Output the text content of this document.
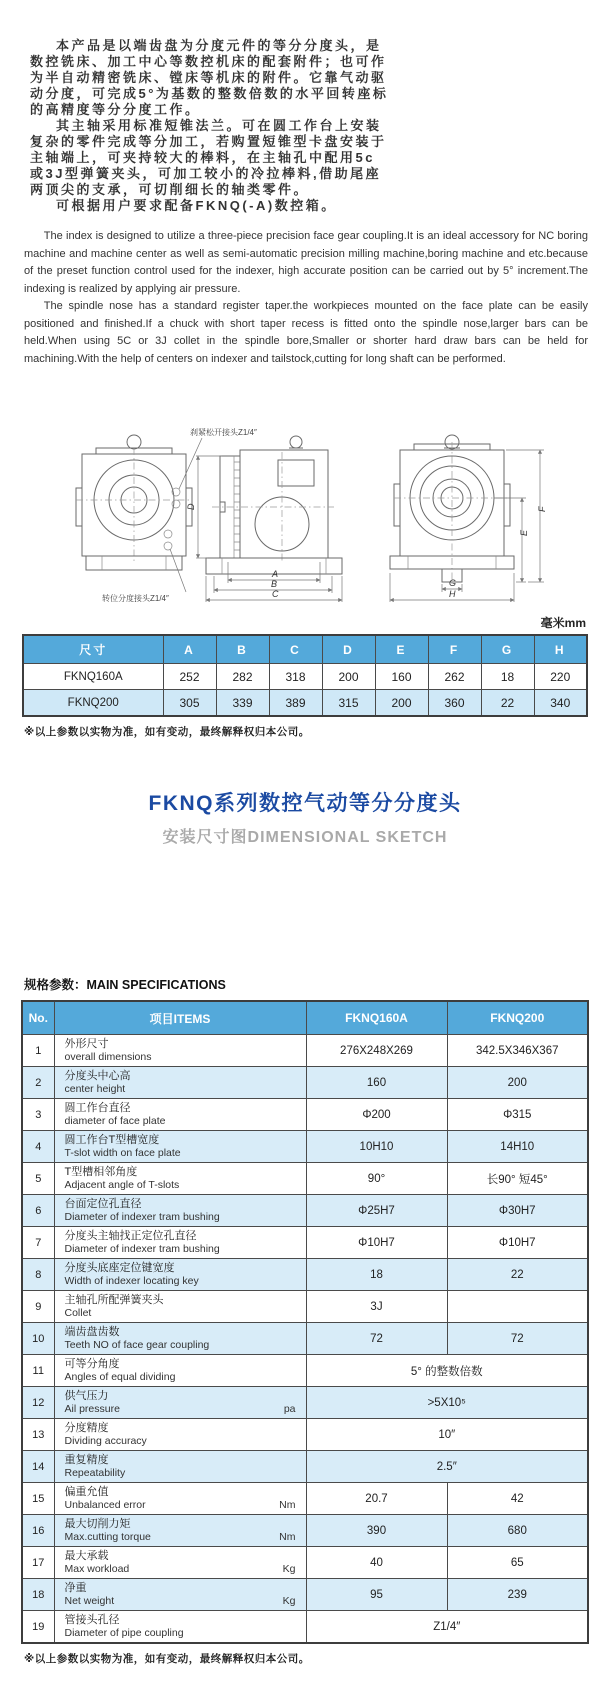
本产品是以端齿盘为分度元件的等分分度头，是数控铣床、加工中心等数控机床的配套附件；也可作为半自动精密铣床、镗床等机床的附件。它靠气动驱动分度，可完成5°为基数的整数倍数的水平回转座标的高精度等分分度工作。

其主轴采用标准短锥法兰。可在圆工作台上安装复杂的零件完成等分加工，若购置短锥型卡盘安装于主轴端上，可夹持较大的棒料，在主轴孔中配用5c或3J型弹簧夹头，可加工较小的冷拉棒料,借助尾座两顶尖的支承，可切削细长的轴类零件。

可根据用户要求配备FKNQ(-A)数控箱。

The index is designed to utilize a three-piece precision face gear coupling.It is an ideal accessory for NC boring machine and machine center as well as semi-automatic precision milling machine,boring machine and etc.because of the preset function control used for the indexer, high accurate position can be carried out by 5° increment.The indexing is realized by applying air pressure.

The spindle nose has a standard register taper.the workpieces mounted on the face plate can be easily positioned and finished.If a chuck with short taper recess is fitted onto the spindle nose,larger bars can be held.When using 5C or 3J collet in the spindle bore,Smaller or shorter hard draw bars can be held for machining.With the help of centers on indexer and tailstock,cutting for long shaft can be performed.

刹紧松开接头Z1/4″
转位分度接头Z1/4″
D
A
B
C
E
F
G
H
毫米mm
尺寸	A	B	C	D	E	F	G	H
FKNQ160A	252	282	318	200	160	262	18	220
FKNQ200	305	339	389	315	200	360	22	340

※以上参数以实物为准，如有变动，最终解释权归本公司。

FKNQ系列数控气动等分分度头
安装尺寸图DIMENSIONAL SKETCH
规格参数：MAIN SPECIFICATIONS
No.	项目ITEMS	FKNQ160A	FKNQ200
1	外形尺寸
overall dimensions	276X248X269	342.5X346X367
2	分度头中心高
center height	160	200
3	圆工作台直径
diameter of face plate	Φ200	Φ315
4	圆工作台T型槽宽度
T-slot width on face plate	10H10	14H10
5	T型槽相邻角度
Adjacent angle of T-slots	90°	长90° 短45°
6	台面定位孔直径
Diameter of indexer tram bushing	Φ25H7	Φ30H7
7	分度头主轴找正定位孔直径
Diameter of indexer tram bushing	Φ10H7	Φ10H7
8	分度头底座定位键宽度
Width of indexer locating key	18	22
9	主轴孔所配弹簧夹头
Collet	3J	
10	端齿盘齿数
Teeth NO of face gear coupling	72	72
11	可等分角度
Angles of equal dividing	5° 的整数倍数	
12	供气压力
Ail pressure pa	>5X10⁵	
13	分度精度
Dividing accuracy	10″	
14	重复精度
Repeatability	2.5″	
15	偏重允值
Unbalanced error Nm	20.7	42
16	最大切削力矩
Max.cutting torque Nm	390	680
17	最大承载
Max workload Kg	40	65
18	净重
Net weight Kg	95	239
19	管接头孔径
Diameter of pipe coupling	Z1/4″	

※以上参数以实物为准，如有变动，最终解释权归本公司。
